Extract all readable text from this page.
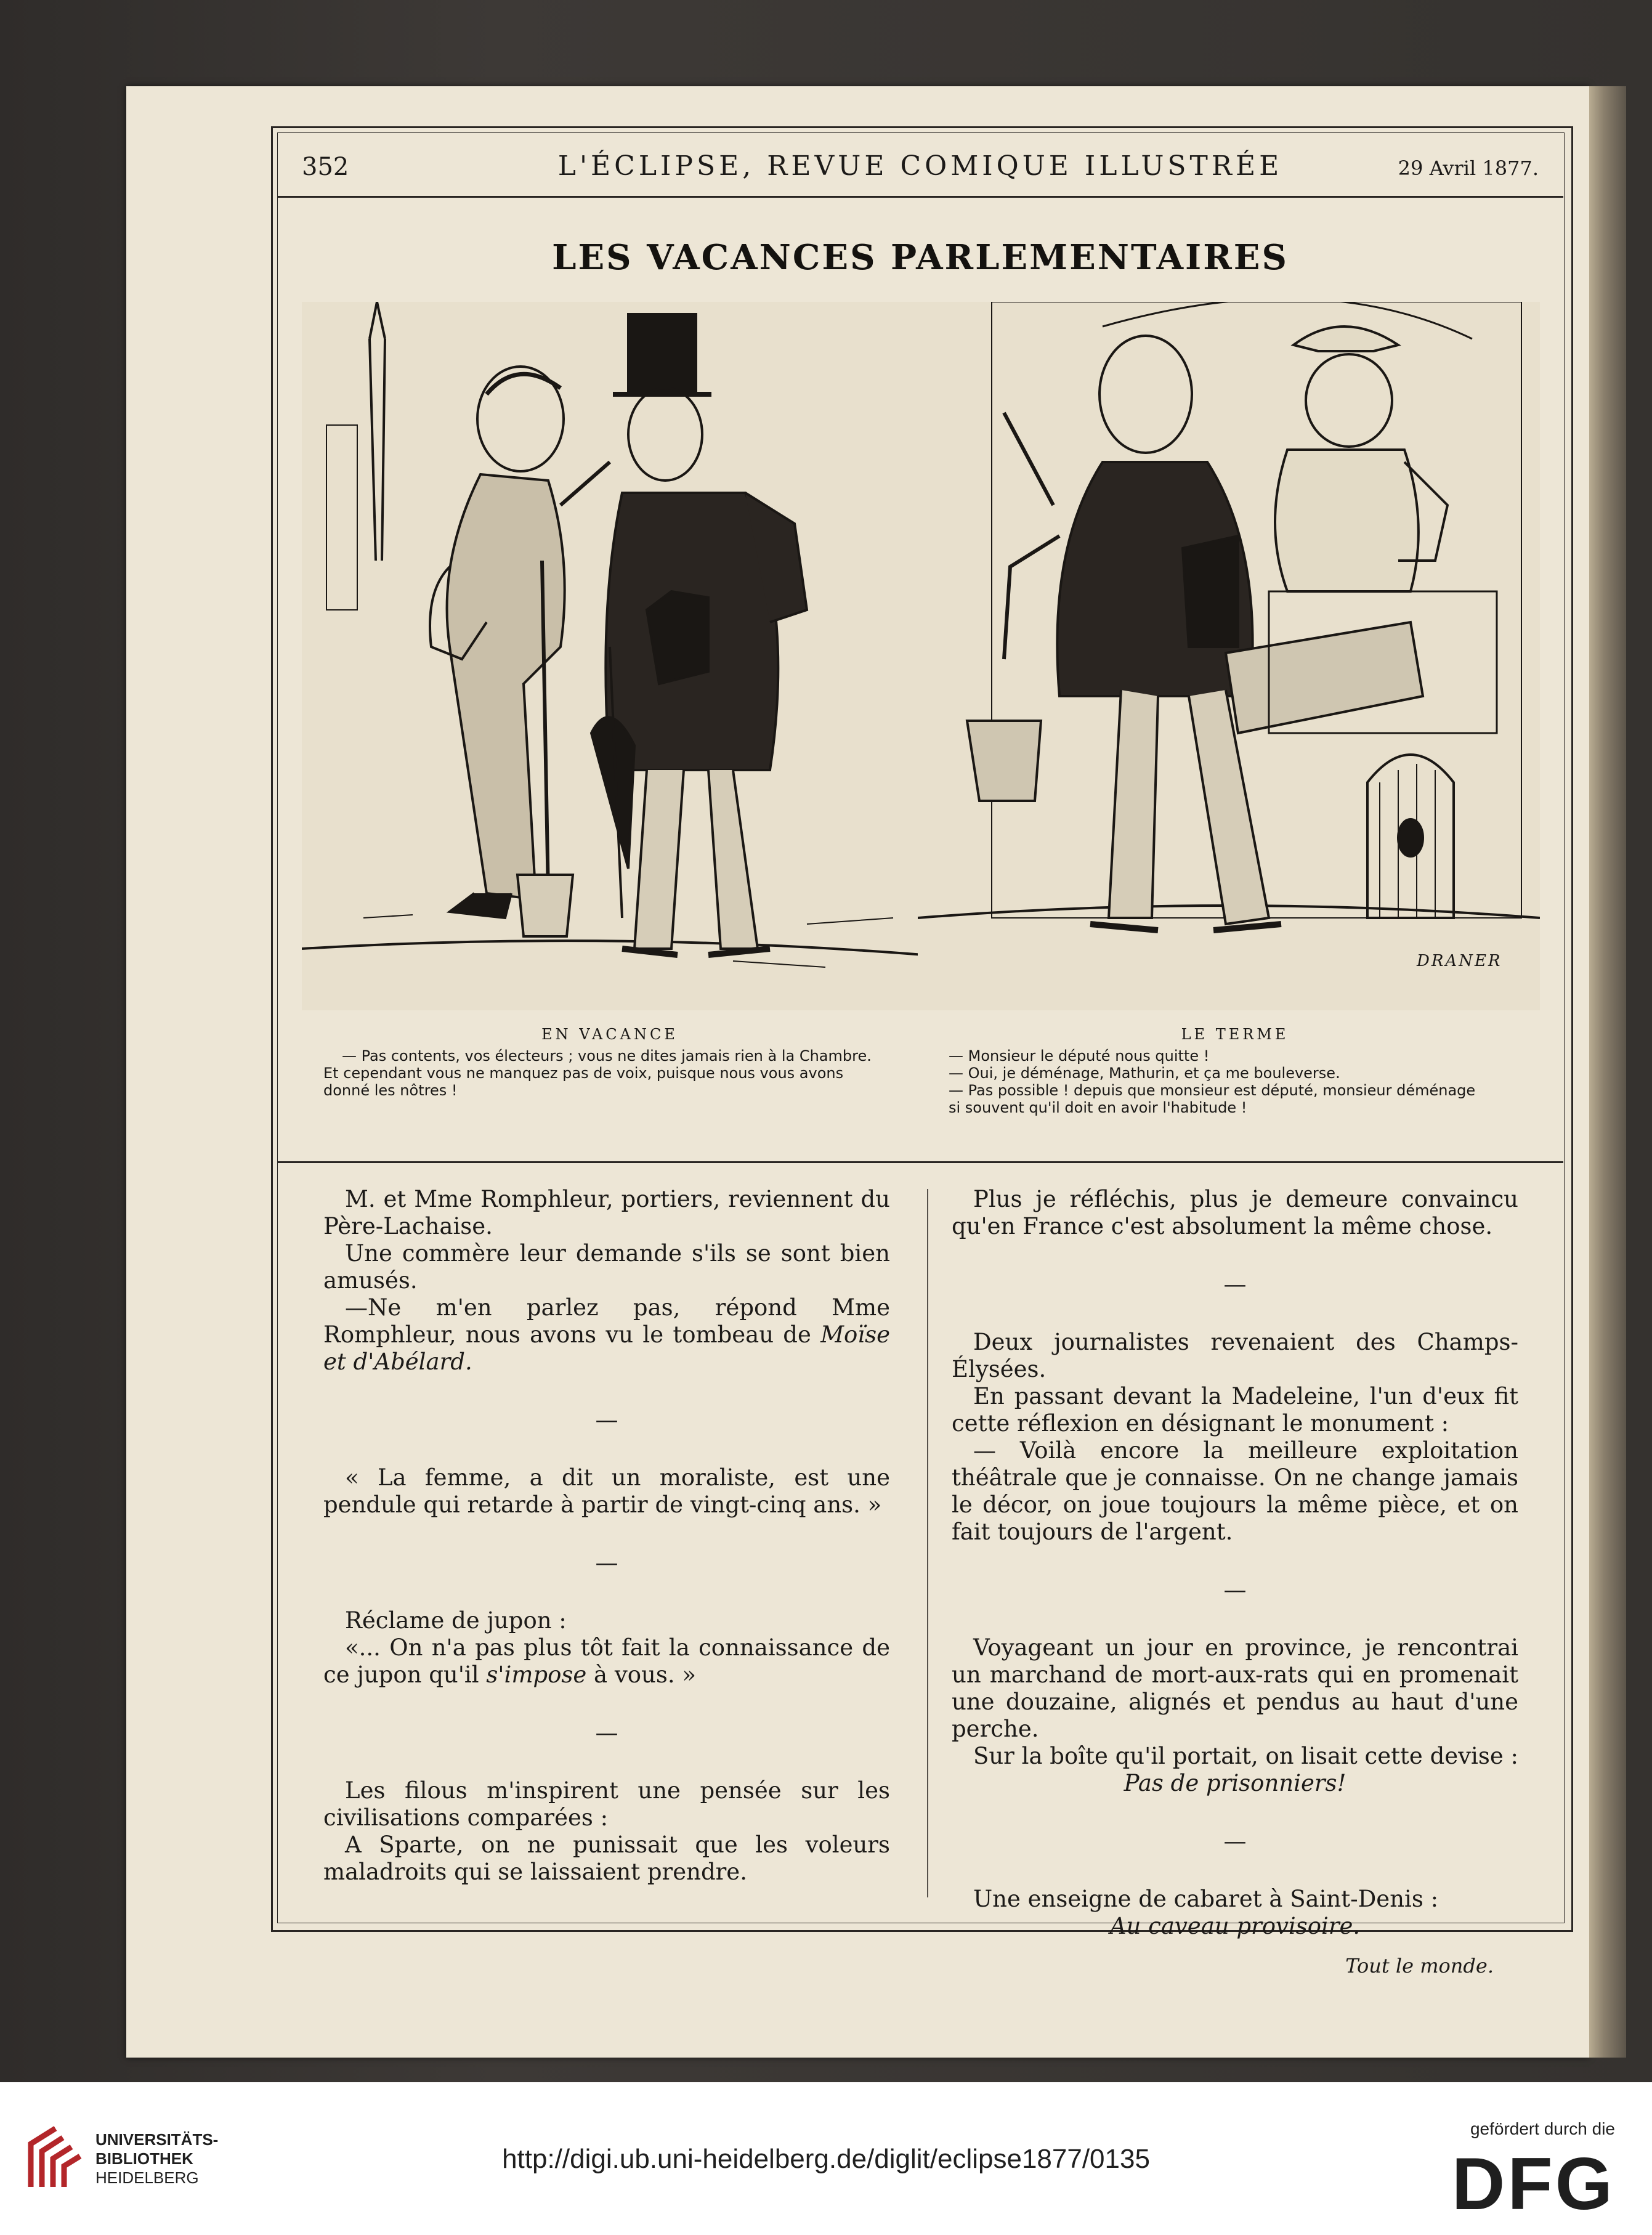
352	L'ÉCLIPSE, REVUE COMIQUE ILLUSTRÉE	29 Avril 1877.
LES VACANCES PARLEMENTAIRES
EN VACANCE
— Pas contents, vos électeurs ; vous ne dites jamais rien à la Chambre.
Et cependant vous ne manquez pas de voix, puisque nous vous avons
donné les nôtres !
LE TERME
— Monsieur le député nous quitte !
— Oui, je déménage, Mathurin, et ça me bouleverse.
— Pas possible ! depuis que monsieur est député, monsieur déménage
si souvent qu'il doit en avoir l'habitude !
DRANER

M. et Mme Romphleur, portiers, reviennent du Père-Lachaise.

Une commère leur demande s'ils se sont bien amusés.

—Ne m'en parlez pas, répond Mme Romphleur, nous avons vu le tombeau de Moïse et d'Abélard.

—

« La femme, a dit un moraliste, est une pendule qui retarde à partir de vingt-cinq ans. »

—

Réclame de jupon :

«... On n'a pas plus tôt fait la connaissance de ce jupon qu'il s'impose à vous. »

—

Les filous m'inspirent une pensée sur les civilisations comparées :

A Sparte, on ne punissait que les voleurs maladroits qui se laissaient prendre.

Plus je réfléchis, plus je demeure convaincu qu'en France c'est absolument la même chose.

—

Deux journalistes revenaient des Champs-Élysées.

En passant devant la Madeleine, l'un d'eux fit cette réflexion en désignant le monument :

— Voilà encore la meilleure exploitation théâtrale que je connaisse. On ne change jamais le décor, on joue toujours la même pièce, et on fait toujours de l'argent.

—

Voyageant un jour en province, je rencontrai un marchand de mort-aux-rats qui en promenait une douzaine, alignés et pendus au haut d'une perche.

Sur la boîte qu'il portait, on lisait cette devise :

Pas de prisonniers!

—

Une enseigne de cabaret à Saint-Denis :

Au caveau provisoire.

Tout le monde.

UNIVERSITÄTS-
BIBLIOTHEK
HEIDELBERG
http://digi.ub.uni-heidelberg.de/diglit/eclipse1877/0135
gefördert durch die
DFG
